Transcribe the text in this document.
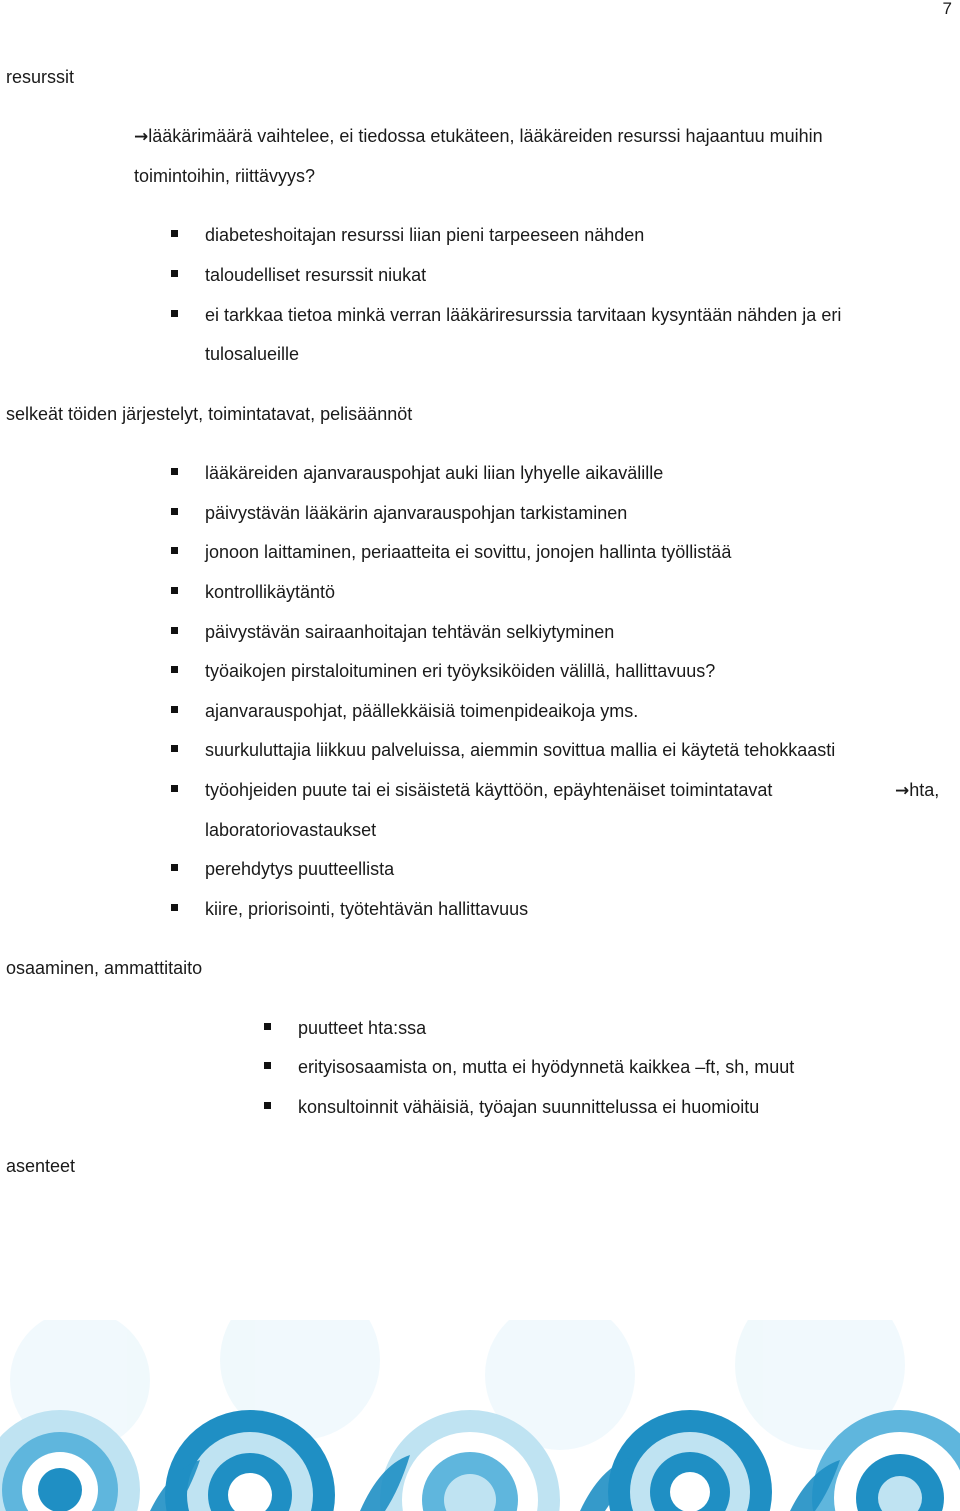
7
resurssit
→lääkärimäärä vaihtelee, ei tiedossa etukäteen, lääkäreiden resurssi hajaantuu muihin
toimintoihin, riittävyys?
diabeteshoitajan resurssi liian pieni tarpeeseen nähden
taloudelliset resurssit niukat
ei tarkkaa tietoa minkä verran lääkäriresurssia tarvitaan kysyntään nähden ja eri
tulosalueille
selkeät töiden järjestelyt, toimintatavat, pelisäännöt
lääkäreiden ajanvarauspohjat auki liian lyhyelle aikavälille
päivystävän lääkärin ajanvarauspohjan tarkistaminen
jonoon laittaminen, periaatteita ei sovittu, jonojen hallinta työllistää
kontrollikäytäntö
päivystävän sairaanhoitajan tehtävän selkiytyminen
työaikojen pirstaloituminen eri työyksiköiden välillä, hallittavuus?
ajanvarauspohjat, päällekkäisiä toimenpideaikoja yms.
suurkuluttajia liikkuu palveluissa, aiemmin sovittua mallia ei käytetä tehokkaasti
työohjeiden puute tai ei sisäistetä käyttöön, epäyhtenäiset toimintatavat	→hta,
laboratoriovastaukset
perehdytys puutteellista
kiire, priorisointi, työtehtävän hallittavuus
osaaminen, ammattitaito
puutteet hta:ssa
erityisosaamista on, mutta ei hyödynnetä kaikkea –ft, sh, muut
konsultoinnit vähäisiä, työajan suunnittelussa ei huomioitu
asenteet
